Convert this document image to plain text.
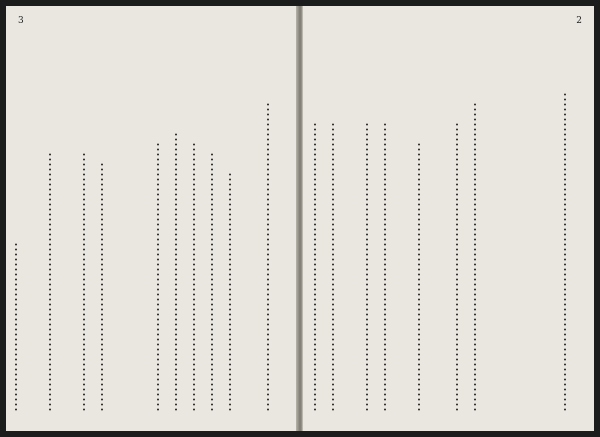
3	2
